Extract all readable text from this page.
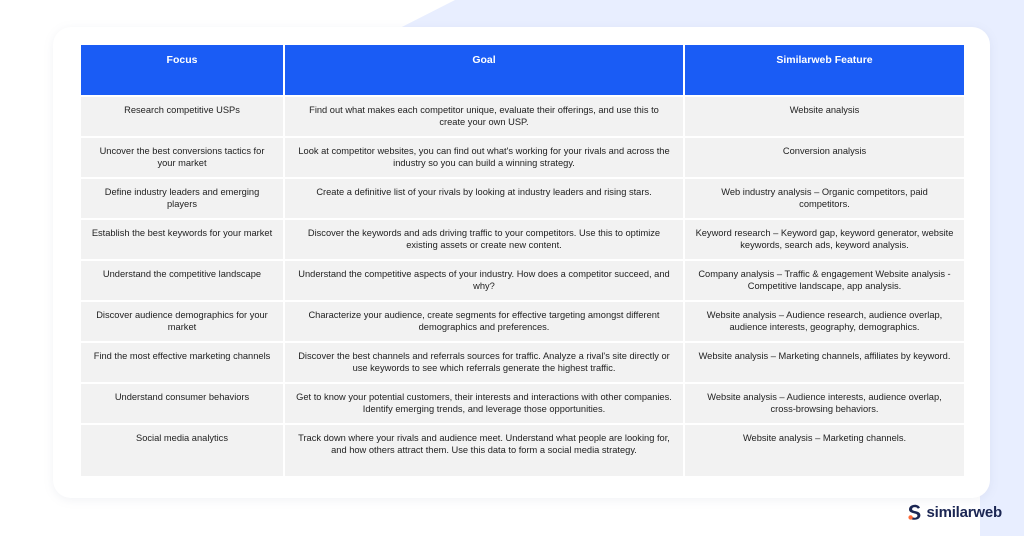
Focus	Goal	Similarweb Feature
Research competitive USPs	Find out what makes each competitor unique, evaluate their offerings, and use this to create your own USP.	Website analysis
Uncover the best conversions tactics for your market	Look at competitor websites, you can find out what's working for your rivals and across the industry so you can build a winning strategy.	Conversion analysis
Define industry leaders and emerging players	Create a definitive list of your rivals by looking at industry leaders and rising stars.	Web industry analysis – Organic competitors, paid competitors.
Establish the best keywords for your market	Discover the keywords and ads driving traffic to your competitors. Use this to optimize existing assets or create new content.	Keyword research – Keyword gap, keyword generator, website keywords, search ads, keyword analysis.
Understand the competitive landscape	Understand the competitive aspects of your industry. How does a competitor succeed, and why?	Company analysis – Traffic & engagement Website analysis - Competitive landscape, app analysis.
Discover audience demographics for your market	Characterize your audience, create segments for effective targeting amongst different demographics and preferences.	Website analysis – Audience research, audience overlap, audience interests, geography, demographics.
Find the most effective marketing channels	Discover the best channels and referrals sources for traffic. Analyze a rival's site directly or use keywords to see which referrals generate the highest traffic.	Website analysis – Marketing channels, affiliates by keyword.
Understand consumer behaviors	Get to know your potential customers, their interests and interactions with other companies. Identify emerging trends, and leverage those opportunities.	Website analysis – Audience interests, audience overlap, cross-browsing behaviors.
Social media analytics	Track down where your rivals and audience meet. Understand what people are looking for, and how others attract them. Use this data to form a social media strategy.	Website analysis – Marketing channels.
similarweb
